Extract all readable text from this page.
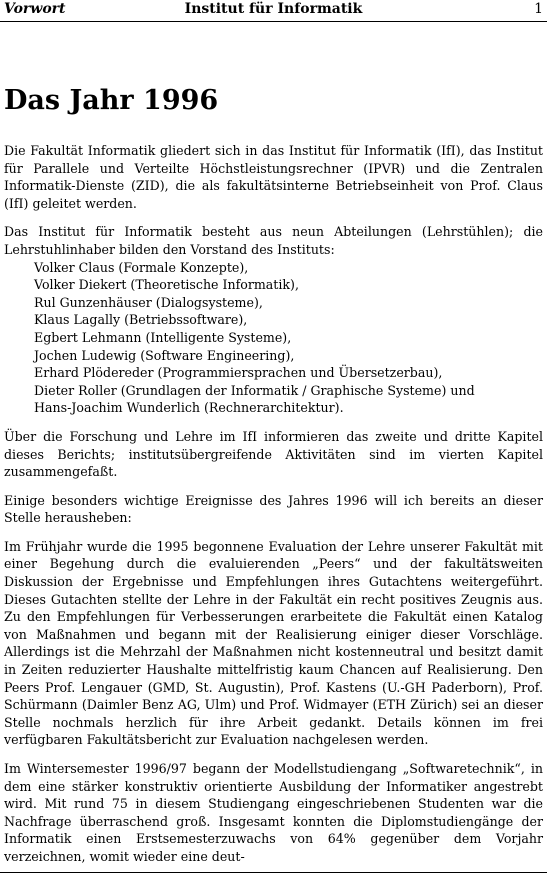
Vorwort	Institut für Informatik	1
Das Jahr 1996

Die Fakultät Informatik gliedert sich in das Institut für Informatik (IfI), das Institut für Parallele und Verteilte Höchstleistungsrechner (IPVR) und die Zentralen Informatik-Dienste (ZID), die als fakultätsinterne Betriebseinheit von Prof. Claus (IfI) geleitet werden.

Das Institut für Informatik besteht aus neun Abteilungen (Lehrstühlen); die Lehrstuhlinhaber bilden den Vorstand des Instituts:

Volker Claus (Formale Konzepte),
Volker Diekert (Theoretische Informatik),
Rul Gunzenhäuser (Dialogsysteme),
Klaus Lagally (Betriebssoftware),
Egbert Lehmann (Intelligente Systeme),
Jochen Ludewig (Software Engineering),
Erhard Plödereder (Programmiersprachen und Übersetzerbau),
Dieter Roller (Grundlagen der Informatik / Graphische Systeme) und
Hans-Joachim Wunderlich (Rechnerarchitektur).

Über die Forschung und Lehre im IfI informieren das zweite und dritte Kapitel dieses Berichts; institutsübergreifende Aktivitäten sind im vierten Kapitel zusammengefaßt.

Einige besonders wichtige Ereignisse des Jahres 1996 will ich bereits an dieser Stelle herausheben:

Im Frühjahr wurde die 1995 begonnene Evaluation der Lehre unserer Fakultät mit einer Begehung durch die evaluierenden „Peers“ und der fakultätsweiten Diskussion der Ergebnisse und Empfehlungen ihres Gutachtens weitergeführt. Dieses Gutachten stellte der Lehre in der Fakultät ein recht positives Zeugnis aus. Zu den Empfehlungen für Verbesserungen erarbeitete die Fakultät einen Katalog von Maßnahmen und begann mit der Realisierung einiger dieser Vorschläge. Allerdings ist die Mehrzahl der Maßnahmen nicht kostenneutral und besitzt damit in Zeiten reduzierter Haushalte mittelfristig kaum Chancen auf Realisierung. Den Peers Prof. Lengauer (GMD, St. Augustin), Prof. Kastens (U.-GH Paderborn), Prof. Schürmann (Daimler Benz AG, Ulm) und Prof. Widmayer (ETH Zürich) sei an dieser Stelle nochmals herzlich für ihre Arbeit gedankt. Details können im frei verfügbaren Fakultätsbericht zur Evaluation nachgelesen werden.

Im Wintersemester 1996/97 begann der Modellstudiengang „Softwaretechnik“, in dem eine stärker konstruktiv orientierte Ausbildung der Informatiker angestrebt wird. Mit rund 75 in diesem Studiengang eingeschriebenen Studenten war die Nachfrage überraschend groß. Insgesamt konnten die Diplomstudiengänge der Informatik einen Erstsemesterzuwachs von 64% gegenüber dem Vorjahr verzeichnen, womit wieder eine deut-
